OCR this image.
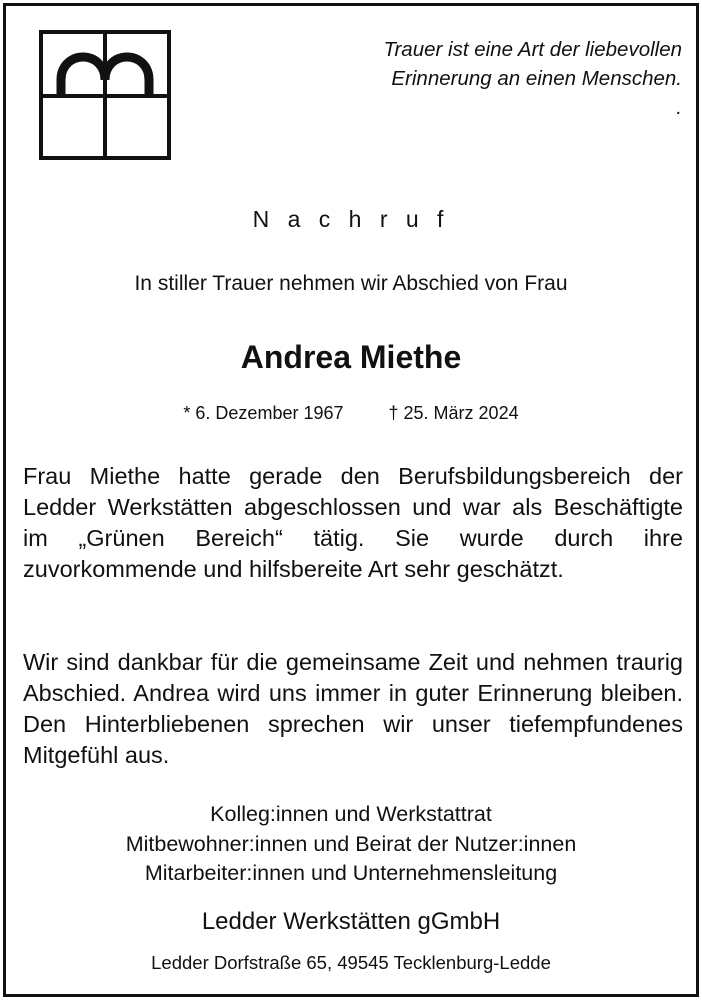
Trauer ist eine Art der liebevollen
Erinnerung an einen Menschen.
.
N a c h r u f
In stiller Trauer nehmen wir Abschied von Frau
Andrea Miethe
* 6. Dezember 1967	† 25. März 2024
Frau Miethe hatte gerade den Berufsbildungsbereich der Ledder Werkstätten abgeschlossen und war als Beschäftigte im „Grünen Bereich“ tätig. Sie wurde durch ihre zuvorkommende und hilfsbereite Art sehr geschätzt.
Wir sind dankbar für die gemeinsame Zeit und nehmen traurig Abschied. Andrea wird uns immer in guter Erinnerung bleiben. Den Hinterbliebenen sprechen wir unser tiefempfundenes Mitgefühl aus.
Kolleg:innen und Werkstattrat
Mitbewohner:innen und Beirat der Nutzer:innen
Mitarbeiter:innen und Unternehmensleitung
Ledder Werkstätten gGmbH
Ledder Dorfstraße 65, 49545 Tecklenburg-Ledde
